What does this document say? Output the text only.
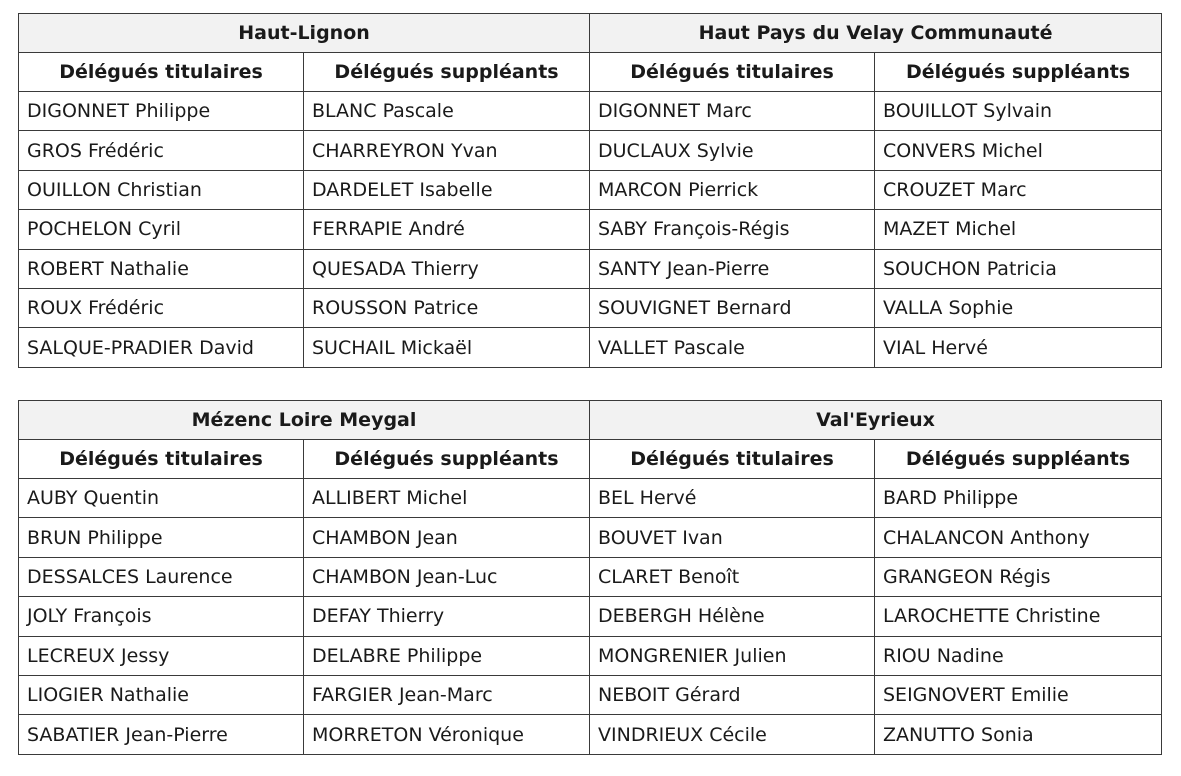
Haut-Lignon		Haut Pays du Velay Communauté	
Délégués titulaires	Délégués suppléants	Délégués titulaires	Délégués suppléants
DIGONNET Philippe	BLANC Pascale	DIGONNET Marc	BOUILLOT Sylvain
GROS Frédéric	CHARREYRON Yvan	DUCLAUX Sylvie	CONVERS Michel
OUILLON Christian	DARDELET Isabelle	MARCON Pierrick	CROUZET Marc
POCHELON Cyril	FERRAPIE André	SABY François-Régis	MAZET Michel
ROBERT Nathalie	QUESADA Thierry	SANTY Jean-Pierre	SOUCHON Patricia
ROUX Frédéric	ROUSSON Patrice	SOUVIGNET Bernard	VALLA Sophie
SALQUE-PRADIER David	SUCHAIL Mickaël	VALLET Pascale	VIAL Hervé
Mézenc Loire Meygal		Val'Eyrieux	
Délégués titulaires	Délégués suppléants	Délégués titulaires	Délégués suppléants
AUBY Quentin	ALLIBERT Michel	BEL Hervé	BARD Philippe
BRUN Philippe	CHAMBON Jean	BOUVET Ivan	CHALANCON Anthony
DESSALCES Laurence	CHAMBON Jean-Luc	CLARET Benoît	GRANGEON Régis
JOLY François	DEFAY Thierry	DEBERGH Hélène	LAROCHETTE Christine
LECREUX Jessy	DELABRE Philippe	MONGRENIER Julien	RIOU Nadine
LIOGIER Nathalie	FARGIER Jean-Marc	NEBOIT Gérard	SEIGNOVERT Emilie
SABATIER Jean-Pierre	MORRETON Véronique	VINDRIEUX Cécile	ZANUTTO Sonia
